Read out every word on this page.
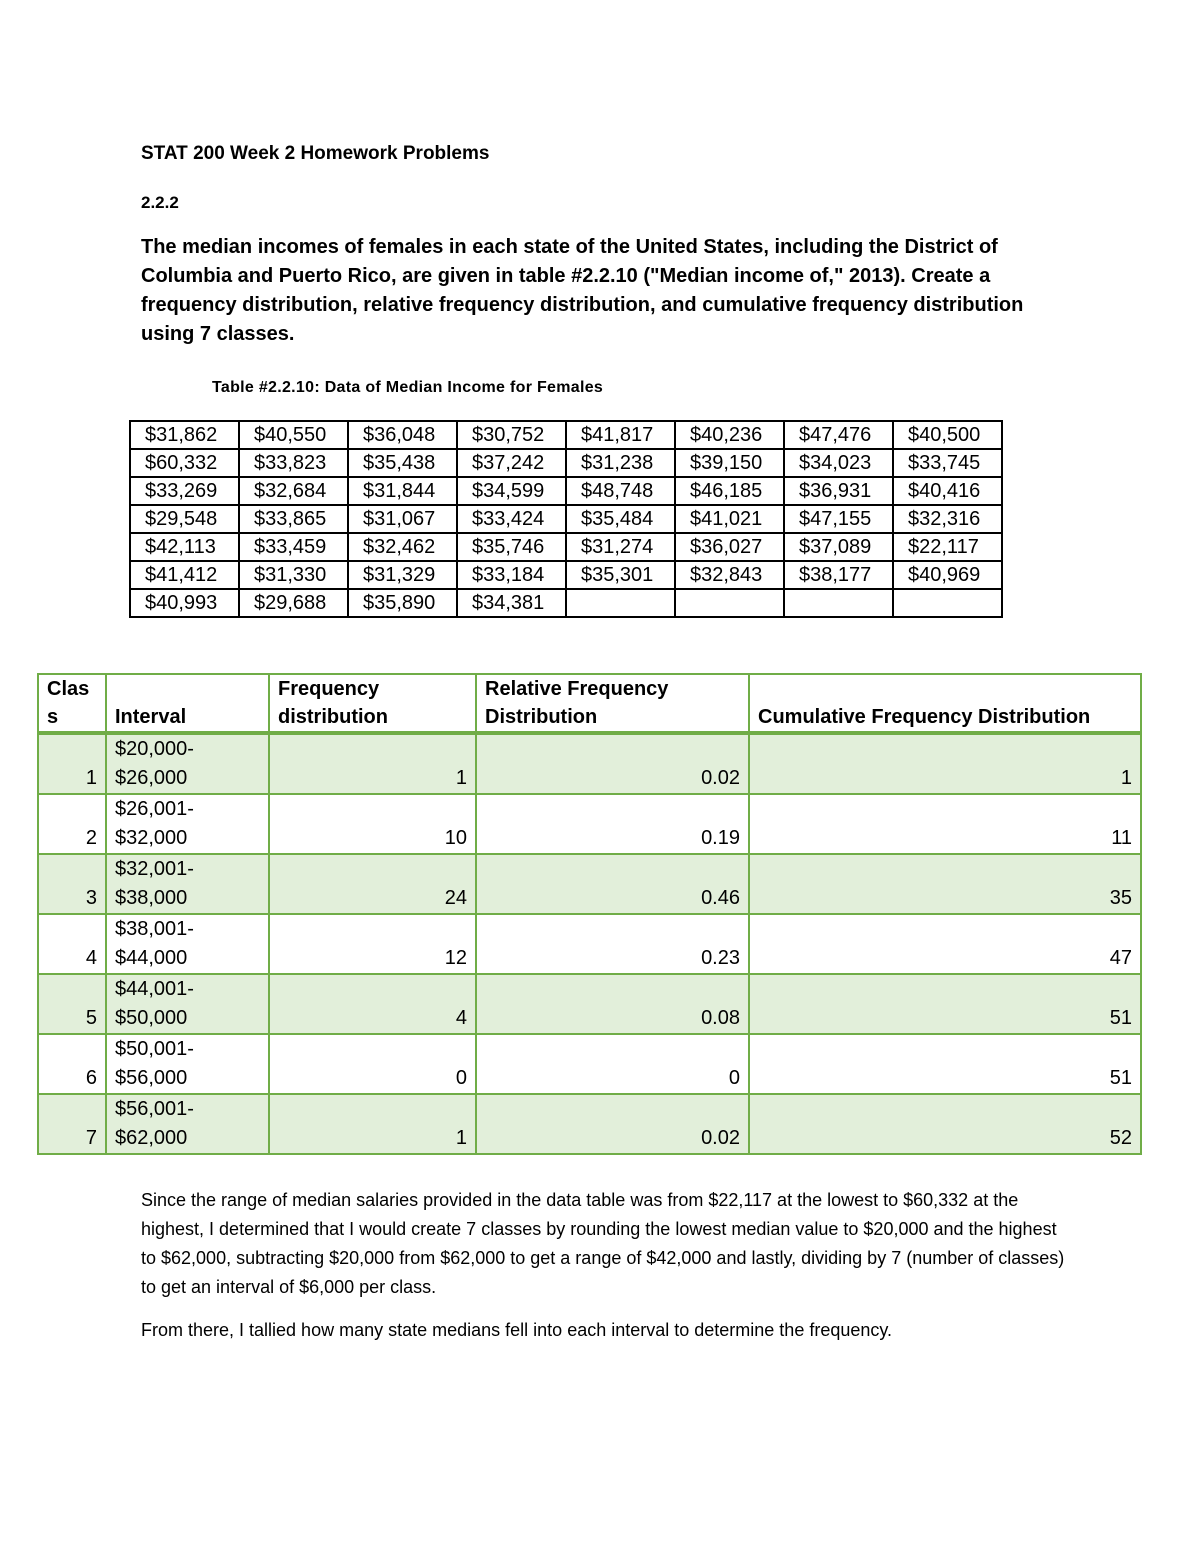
STAT 200 Week 2 Homework Problems
2.2.2
The median incomes of females in each state of the United States, including the District of Columbia and Puerto Rico, are given in table #2.2.10 ("Median income of," 2013). Create a frequency distribution, relative frequency distribution, and cumulative frequency distribution using 7 classes.
Table #2.2.10: Data of Median Income for Females
$31,862	$40,550	$36,048	$30,752	$41,817	$40,236	$47,476	$40,500
$60,332	$33,823	$35,438	$37,242	$31,238	$39,150	$34,023	$33,745
$33,269	$32,684	$31,844	$34,599	$48,748	$46,185	$36,931	$40,416
$29,548	$33,865	$31,067	$33,424	$35,484	$41,021	$47,155	$32,316
$42,113	$33,459	$32,462	$35,746	$31,274	$36,027	$37,089	$22,117
$41,412	$31,330	$31,329	$33,184	$35,301	$32,843	$38,177	$40,969
$40,993	$29,688	$35,890	$34,381				
Clas
s	Interval	Frequency
distribution	Relative Frequency
Distribution	Cumulative Frequency Distribution
1	$20,000-
$26,000	1	0.02	1
2	$26,001-
$32,000	10	0.19	11
3	$32,001-
$38,000	24	0.46	35
4	$38,001-
$44,000	12	0.23	47
5	$44,001-
$50,000	4	0.08	51
6	$50,001-
$56,000	0	0	51
7	$56,001-
$62,000	1	0.02	52

Since the range of median salaries provided in the data table was from $22,117 at the lowest to $60,332 at the highest, I determined that I would create 7 classes by rounding the lowest median value to $20,000 and the highest to $62,000, subtracting $20,000 from $62,000 to get a range of $42,000 and lastly, dividing by 7 (number of classes) to get an interval of $6,000 per class.

From there, I tallied how many state medians fell into each interval to determine the frequency.
